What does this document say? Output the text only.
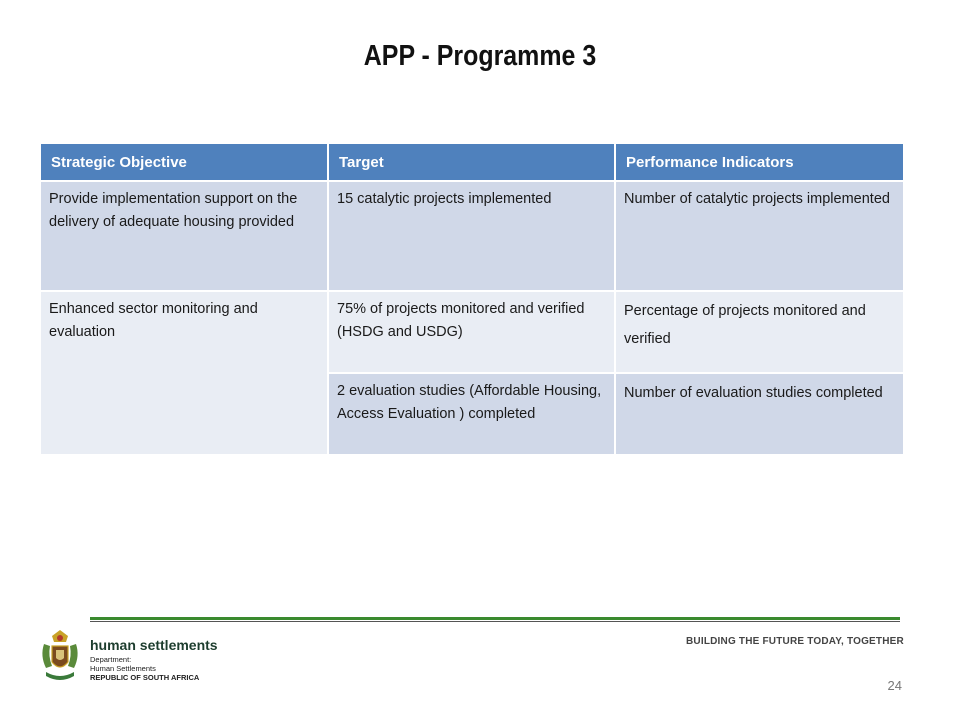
APP - Programme 3
Strategic Objective	Target	Performance Indicators
Provide implementation support on the delivery of adequate housing provided	15 catalytic projects implemented	Number of catalytic projects implemented
Enhanced sector monitoring and evaluation	75% of projects monitored and verified (HSDG and USDG)	Percentage of projects monitored and verified
	2 evaluation studies (Affordable Housing, Access Evaluation ) completed	Number of evaluation studies completed
human settlements
Department:
Human Settlements
REPUBLIC OF SOUTH AFRICA
BUILDING THE FUTURE TODAY, TOGETHER
24
